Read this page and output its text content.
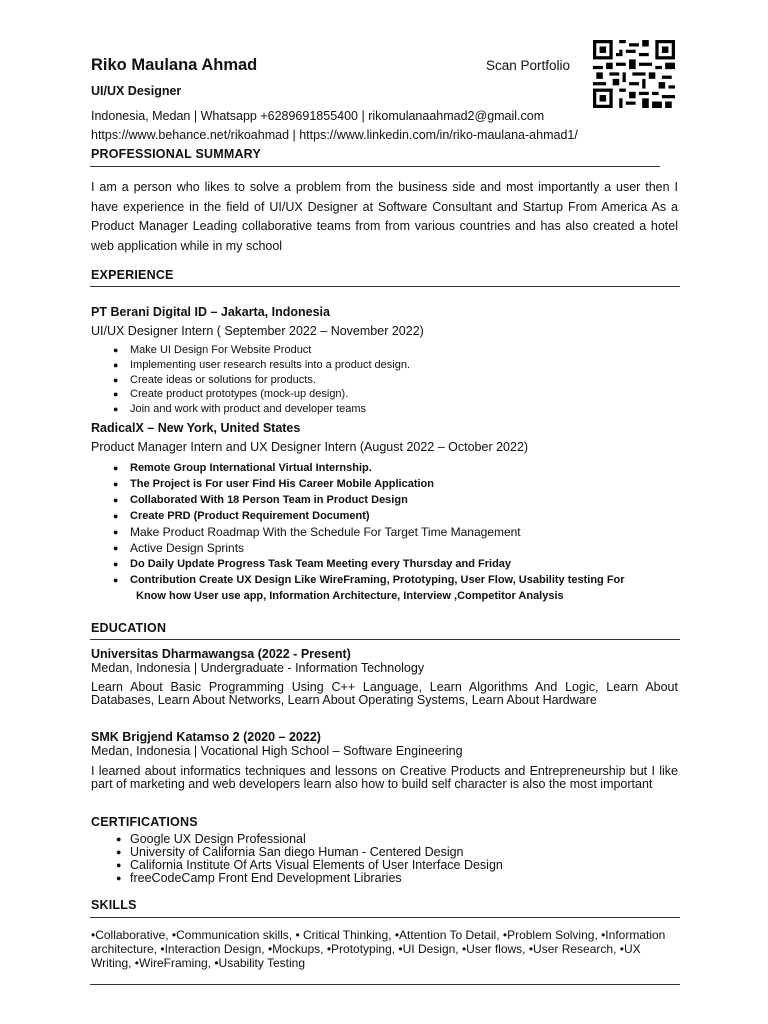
Riko Maulana Ahmad	Scan Portfolio
UI/UX Designer
Indonesia, Medan | Whatsapp +6289691855400 | rikomulanaahmad2@gmail.com
https://www.behance.net/rikoahmad | https://www.linkedin.com/in/riko-maulana-ahmad1/
PROFESSIONAL SUMMARY

I am a person who likes to solve a problem from the business side and most importantly a user then I have experience in the field of UI/UX Designer at Software Consultant and Startup From America As a Product Manager Leading collaborative teams from from various countries and has also created a hotel web application while in my school

EXPERIENCE
PT Berani Digital ID – Jakarta, Indonesia
UI/UX Designer Intern ( September 2022 – November 2022)
● Make UI Design For Website Product
● Implementing user research results into a product design.
● Create ideas or solutions for products.
● Create product prototypes (mock-up design).
● Join and work with product and developer teams
RadicalX – New York, United States
Product Manager Intern and UX Designer Intern (August 2022 – October 2022)
● Remote Group International Virtual Internship.
● The Project is For user Find His Career Mobile Application
● Collaborated With 18 Person Team in Product Design
● Create PRD (Product Requirement Document)
● Make Product Roadmap With the Schedule For Target Time Management
● Active Design Sprints
● Do Daily Update Progress Task Team Meeting every Thursday and Friday
● Contribution Create UX Design Like WireFraming, Prototyping, User Flow, Usability testing For
Know how User use app, Information Architecture, Interview ,Competitor Analysis
EDUCATION
Universitas Dharmawangsa (2022 - Present)
Medan, Indonesia | Undergraduate - Information Technology

Learn About Basic Programming Using C++ Language, Learn Algorithms And Logic, Learn About Databases, Learn About Networks, Learn About Operating Systems, Learn About Hardware

SMK Brigjend Katamso 2 (2020 – 2022)
Medan, Indonesia | Vocational High School – Software Engineering

I learned about informatics techniques and lessons on Creative Products and Entrepreneurship but I like part of marketing and web developers learn also how to build self character is also the most important

CERTIFICATIONS
● Google UX Design Professional
● University of California San diego Human - Centered Design
● California Institute Of Arts Visual Elements of User Interface Design
● freeCodeCamp Front End Development Libraries
SKILLS

•Collaborative, •Communication skills, • Critical Thinking, •Attention To Detail, •Problem Solving, •Information architecture, •Interaction Design, •Mockups, •Prototyping, •UI Design, •User flows, •User Research, •UX Writing, •WireFraming, •Usability Testing
